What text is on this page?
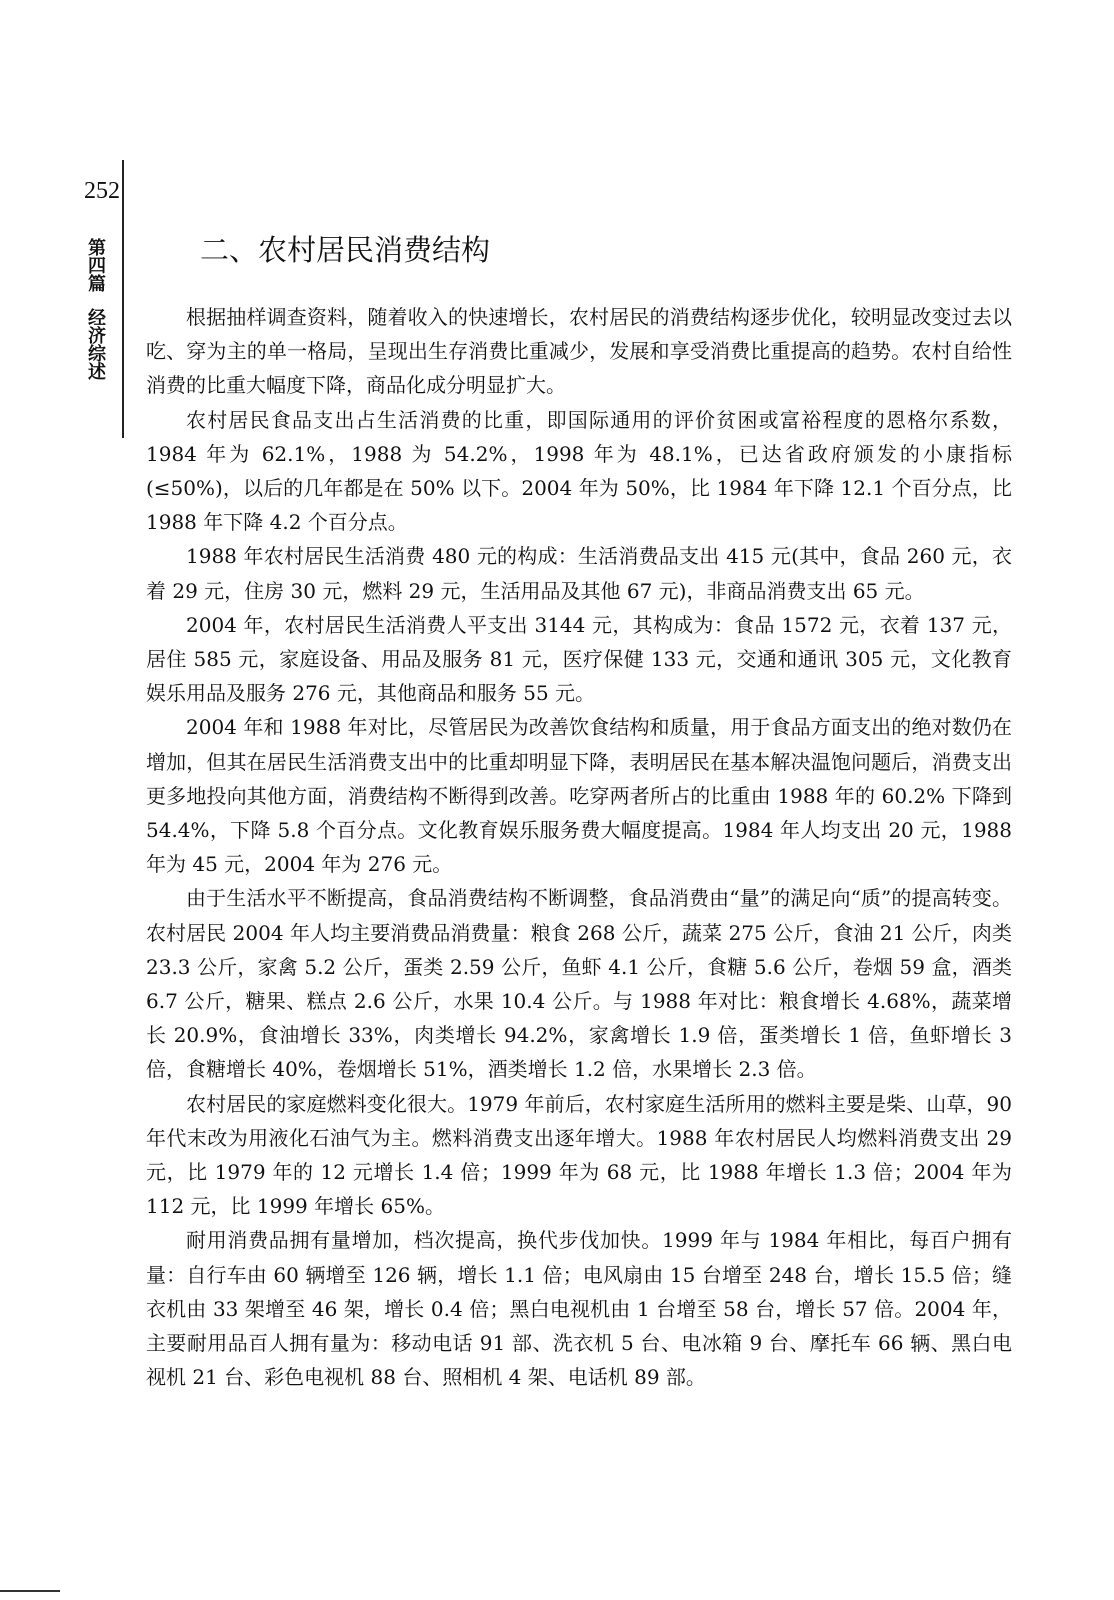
252
第四篇
经济综述
二、农村居民消费结构

根据抽样调查资料，随着收入的快速增长，农村居民的消费结构逐步优化，较明显改变过去以吃、穿为主的单一格局，呈现出生存消费比重减少，发展和享受消费比重提高的趋势。农村自给性消费的比重大幅度下降，商品化成分明显扩大。

农村居民食品支出占生活消费的比重，即国际通用的评价贫困或富裕程度的恩格尔系数，1984 年为 62.1%，1988 为 54.2%，1998 年为 48.1%，已达省政府颁发的小康指标(≤50%)，以后的几年都是在 50% 以下。2004 年为 50%，比 1984 年下降 12.1 个百分点，比 1988 年下降 4.2 个百分点。

1988 年农村居民生活消费 480 元的构成：生活消费品支出 415 元(其中，食品 260 元，衣着 29 元，住房 30 元，燃料 29 元，生活用品及其他 67 元)，非商品消费支出 65 元。

2004 年，农村居民生活消费人平支出 3144 元，其构成为：食品 1572 元，衣着 137 元，居住 585 元，家庭设备、用品及服务 81 元，医疗保健 133 元，交通和通讯 305 元，文化教育娱乐用品及服务 276 元，其他商品和服务 55 元。

2004 年和 1988 年对比，尽管居民为改善饮食结构和质量，用于食品方面支出的绝对数仍在增加，但其在居民生活消费支出中的比重却明显下降，表明居民在基本解决温饱问题后，消费支出更多地投向其他方面，消费结构不断得到改善。吃穿两者所占的比重由 1988 年的 60.2% 下降到 54.4%，下降 5.8 个百分点。文化教育娱乐服务费大幅度提高。1984 年人均支出 20 元，1988 年为 45 元，2004 年为 276 元。

由于生活水平不断提高，食品消费结构不断调整，食品消费由“量”的满足向“质”的提高转变。农村居民 2004 年人均主要消费品消费量：粮食 268 公斤，蔬菜 275 公斤，食油 21 公斤，肉类 23.3 公斤，家禽 5.2 公斤，蛋类 2.59 公斤，鱼虾 4.1 公斤，食糖 5.6 公斤，卷烟 59 盒，酒类 6.7 公斤，糖果、糕点 2.6 公斤，水果 10.4 公斤。与 1988 年对比：粮食增长 4.68%，蔬菜增长 20.9%，食油增长 33%，肉类增长 94.2%，家禽增长 1.9 倍，蛋类增长 1 倍，鱼虾增长 3 倍，食糖增长 40%，卷烟增长 51%，酒类增长 1.2 倍，水果增长 2.3 倍。

农村居民的家庭燃料变化很大。1979 年前后，农村家庭生活所用的燃料主要是柴、山草，90 年代末改为用液化石油气为主。燃料消费支出逐年增大。1988 年农村居民人均燃料消费支出 29 元，比 1979 年的 12 元增长 1.4 倍；1999 年为 68 元，比 1988 年增长 1.3 倍；2004 年为 112 元，比 1999 年增长 65%。

耐用消费品拥有量增加，档次提高，换代步伐加快。1999 年与 1984 年相比，每百户拥有量：自行车由 60 辆增至 126 辆，增长 1.1 倍；电风扇由 15 台增至 248 台，增长 15.5 倍；缝衣机由 33 架增至 46 架，增长 0.4 倍；黑白电视机由 1 台增至 58 台，增长 57 倍。2004 年，主要耐用品百人拥有量为：移动电话 91 部、洗衣机 5 台、电冰箱 9 台、摩托车 66 辆、黑白电视机 21 台、彩色电视机 88 台、照相机 4 架、电话机 89 部。
